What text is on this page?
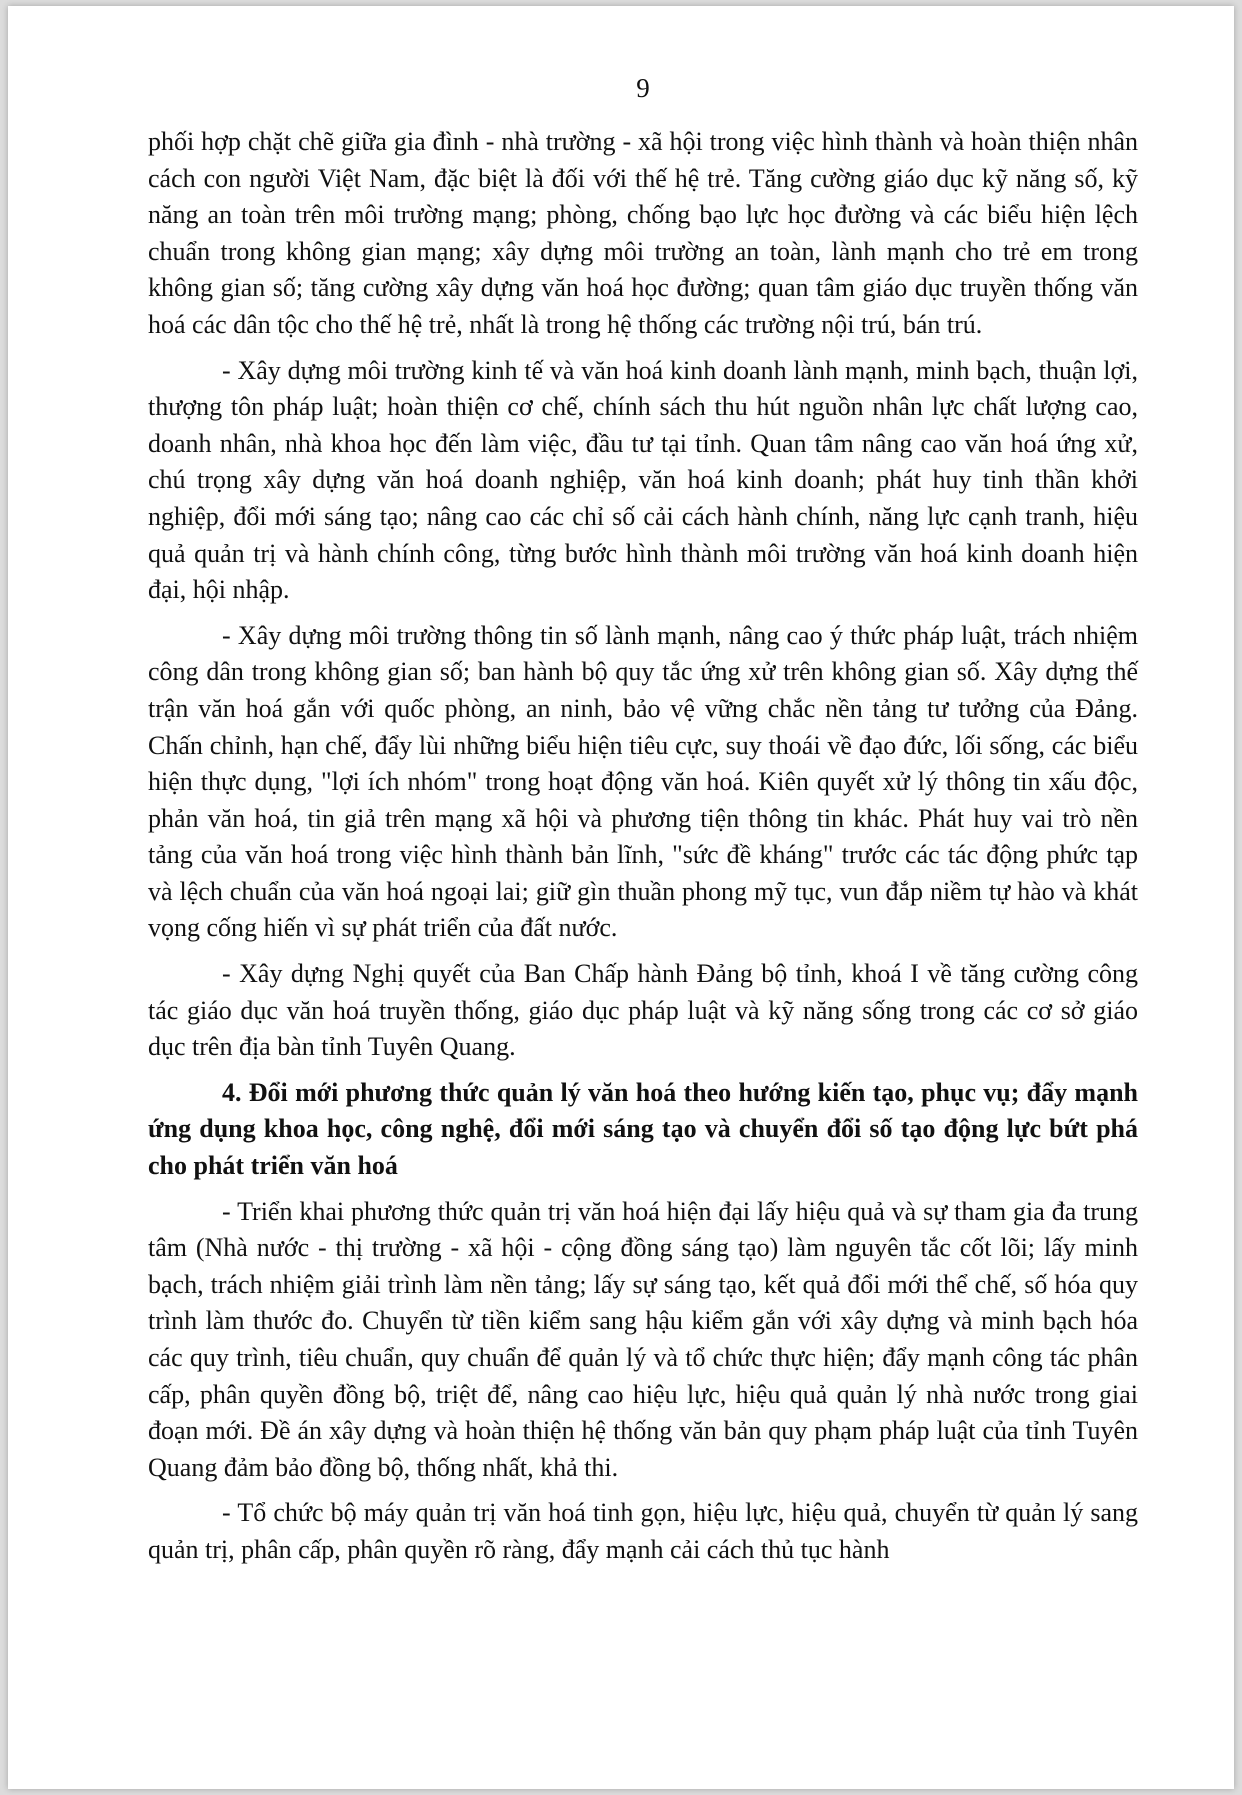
9

phối hợp chặt chẽ giữa gia đình - nhà trường - xã hội trong việc hình thành và hoàn thiện nhân cách con người Việt Nam, đặc biệt là đối với thế hệ trẻ. Tăng cường giáo dục kỹ năng số, kỹ năng an toàn trên môi trường mạng; phòng, chống bạo lực học đường và các biểu hiện lệch chuẩn trong không gian mạng; xây dựng môi trường an toàn, lành mạnh cho trẻ em trong không gian số; tăng cường xây dựng văn hoá học đường; quan tâm giáo dục truyền thống văn hoá các dân tộc cho thế hệ trẻ, nhất là trong hệ thống các trường nội trú, bán trú.

- Xây dựng môi trường kinh tế và văn hoá kinh doanh lành mạnh, minh bạch, thuận lợi, thượng tôn pháp luật; hoàn thiện cơ chế, chính sách thu hút nguồn nhân lực chất lượng cao, doanh nhân, nhà khoa học đến làm việc, đầu tư tại tỉnh. Quan tâm nâng cao văn hoá ứng xử, chú trọng xây dựng văn hoá doanh nghiệp, văn hoá kinh doanh; phát huy tinh thần khởi nghiệp, đổi mới sáng tạo; nâng cao các chỉ số cải cách hành chính, năng lực cạnh tranh, hiệu quả quản trị và hành chính công, từng bước hình thành môi trường văn hoá kinh doanh hiện đại, hội nhập.

- Xây dựng môi trường thông tin số lành mạnh, nâng cao ý thức pháp luật, trách nhiệm công dân trong không gian số; ban hành bộ quy tắc ứng xử trên không gian số. Xây dựng thế trận văn hoá gắn với quốc phòng, an ninh, bảo vệ vững chắc nền tảng tư tưởng của Đảng. Chấn chỉnh, hạn chế, đẩy lùi những biểu hiện tiêu cực, suy thoái về đạo đức, lối sống, các biểu hiện thực dụng, "lợi ích nhóm" trong hoạt động văn hoá. Kiên quyết xử lý thông tin xấu độc, phản văn hoá, tin giả trên mạng xã hội và phương tiện thông tin khác. Phát huy vai trò nền tảng của văn hoá trong việc hình thành bản lĩnh, "sức đề kháng" trước các tác động phức tạp và lệch chuẩn của văn hoá ngoại lai; giữ gìn thuần phong mỹ tục, vun đắp niềm tự hào và khát vọng cống hiến vì sự phát triển của đất nước.

- Xây dựng Nghị quyết của Ban Chấp hành Đảng bộ tỉnh, khoá I về tăng cường công tác giáo dục văn hoá truyền thống, giáo dục pháp luật và kỹ năng sống trong các cơ sở giáo dục trên địa bàn tỉnh Tuyên Quang.

4. Đổi mới phương thức quản lý văn hoá theo hướng kiến tạo, phục vụ; đẩy mạnh ứng dụng khoa học, công nghệ, đổi mới sáng tạo và chuyển đổi số tạo động lực bứt phá cho phát triển văn hoá

- Triển khai phương thức quản trị văn hoá hiện đại lấy hiệu quả và sự tham gia đa trung tâm (Nhà nước - thị trường - xã hội - cộng đồng sáng tạo) làm nguyên tắc cốt lõi; lấy minh bạch, trách nhiệm giải trình làm nền tảng; lấy sự sáng tạo, kết quả đổi mới thể chế, số hóa quy trình làm thước đo. Chuyển từ tiền kiểm sang hậu kiểm gắn với xây dựng và minh bạch hóa các quy trình, tiêu chuẩn, quy chuẩn để quản lý và tổ chức thực hiện; đẩy mạnh công tác phân cấp, phân quyền đồng bộ, triệt để, nâng cao hiệu lực, hiệu quả quản lý nhà nước trong giai đoạn mới. Đề án xây dựng và hoàn thiện hệ thống văn bản quy phạm pháp luật của tỉnh Tuyên Quang đảm bảo đồng bộ, thống nhất, khả thi.

- Tổ chức bộ máy quản trị văn hoá tinh gọn, hiệu lực, hiệu quả, chuyển từ quản lý sang quản trị, phân cấp, phân quyền rõ ràng, đẩy mạnh cải cách thủ tục hành
